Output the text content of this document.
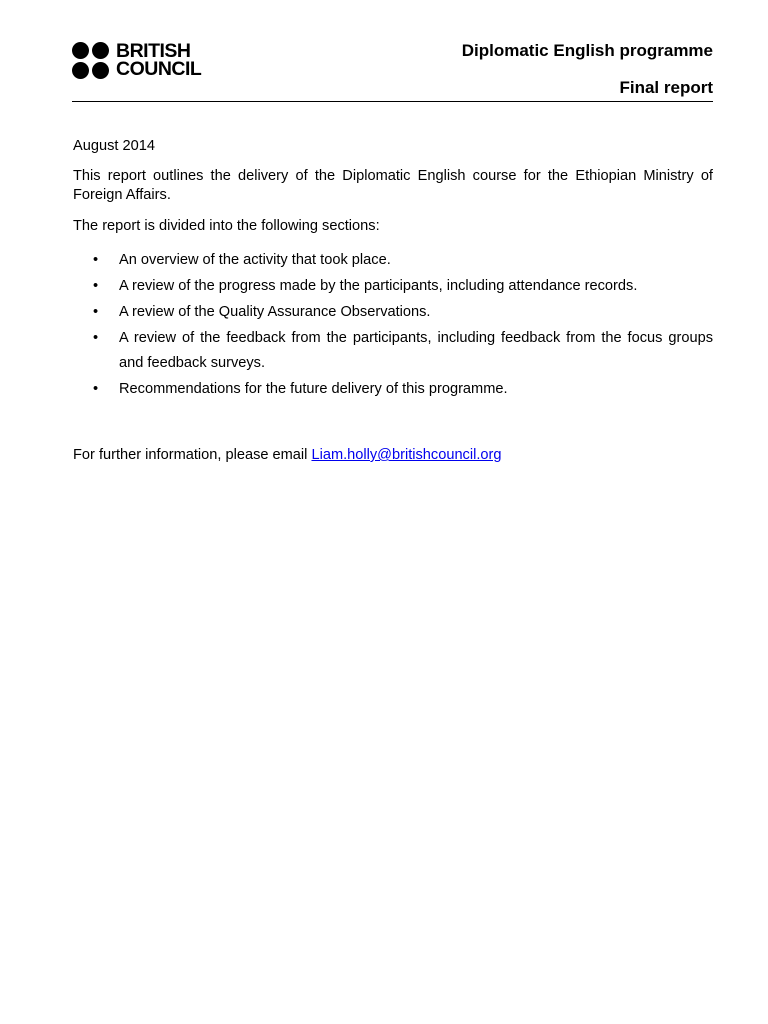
BRITISH
COUNCIL
Diplomatic English programme
Final report

August 2014

This report outlines the delivery of the Diplomatic English course for the Ethiopian Ministry of Foreign Affairs.

The report is divided into the following sections:

• An overview of the activity that took place.
• A review of the progress made by the participants, including attendance records.
• A review of the Quality Assurance Observations.
• A review of the feedback from the participants, including feedback from the focus groups and feedback surveys.
• Recommendations for the future delivery of this programme.

For further information, please email Liam.holly@britishcouncil.org
